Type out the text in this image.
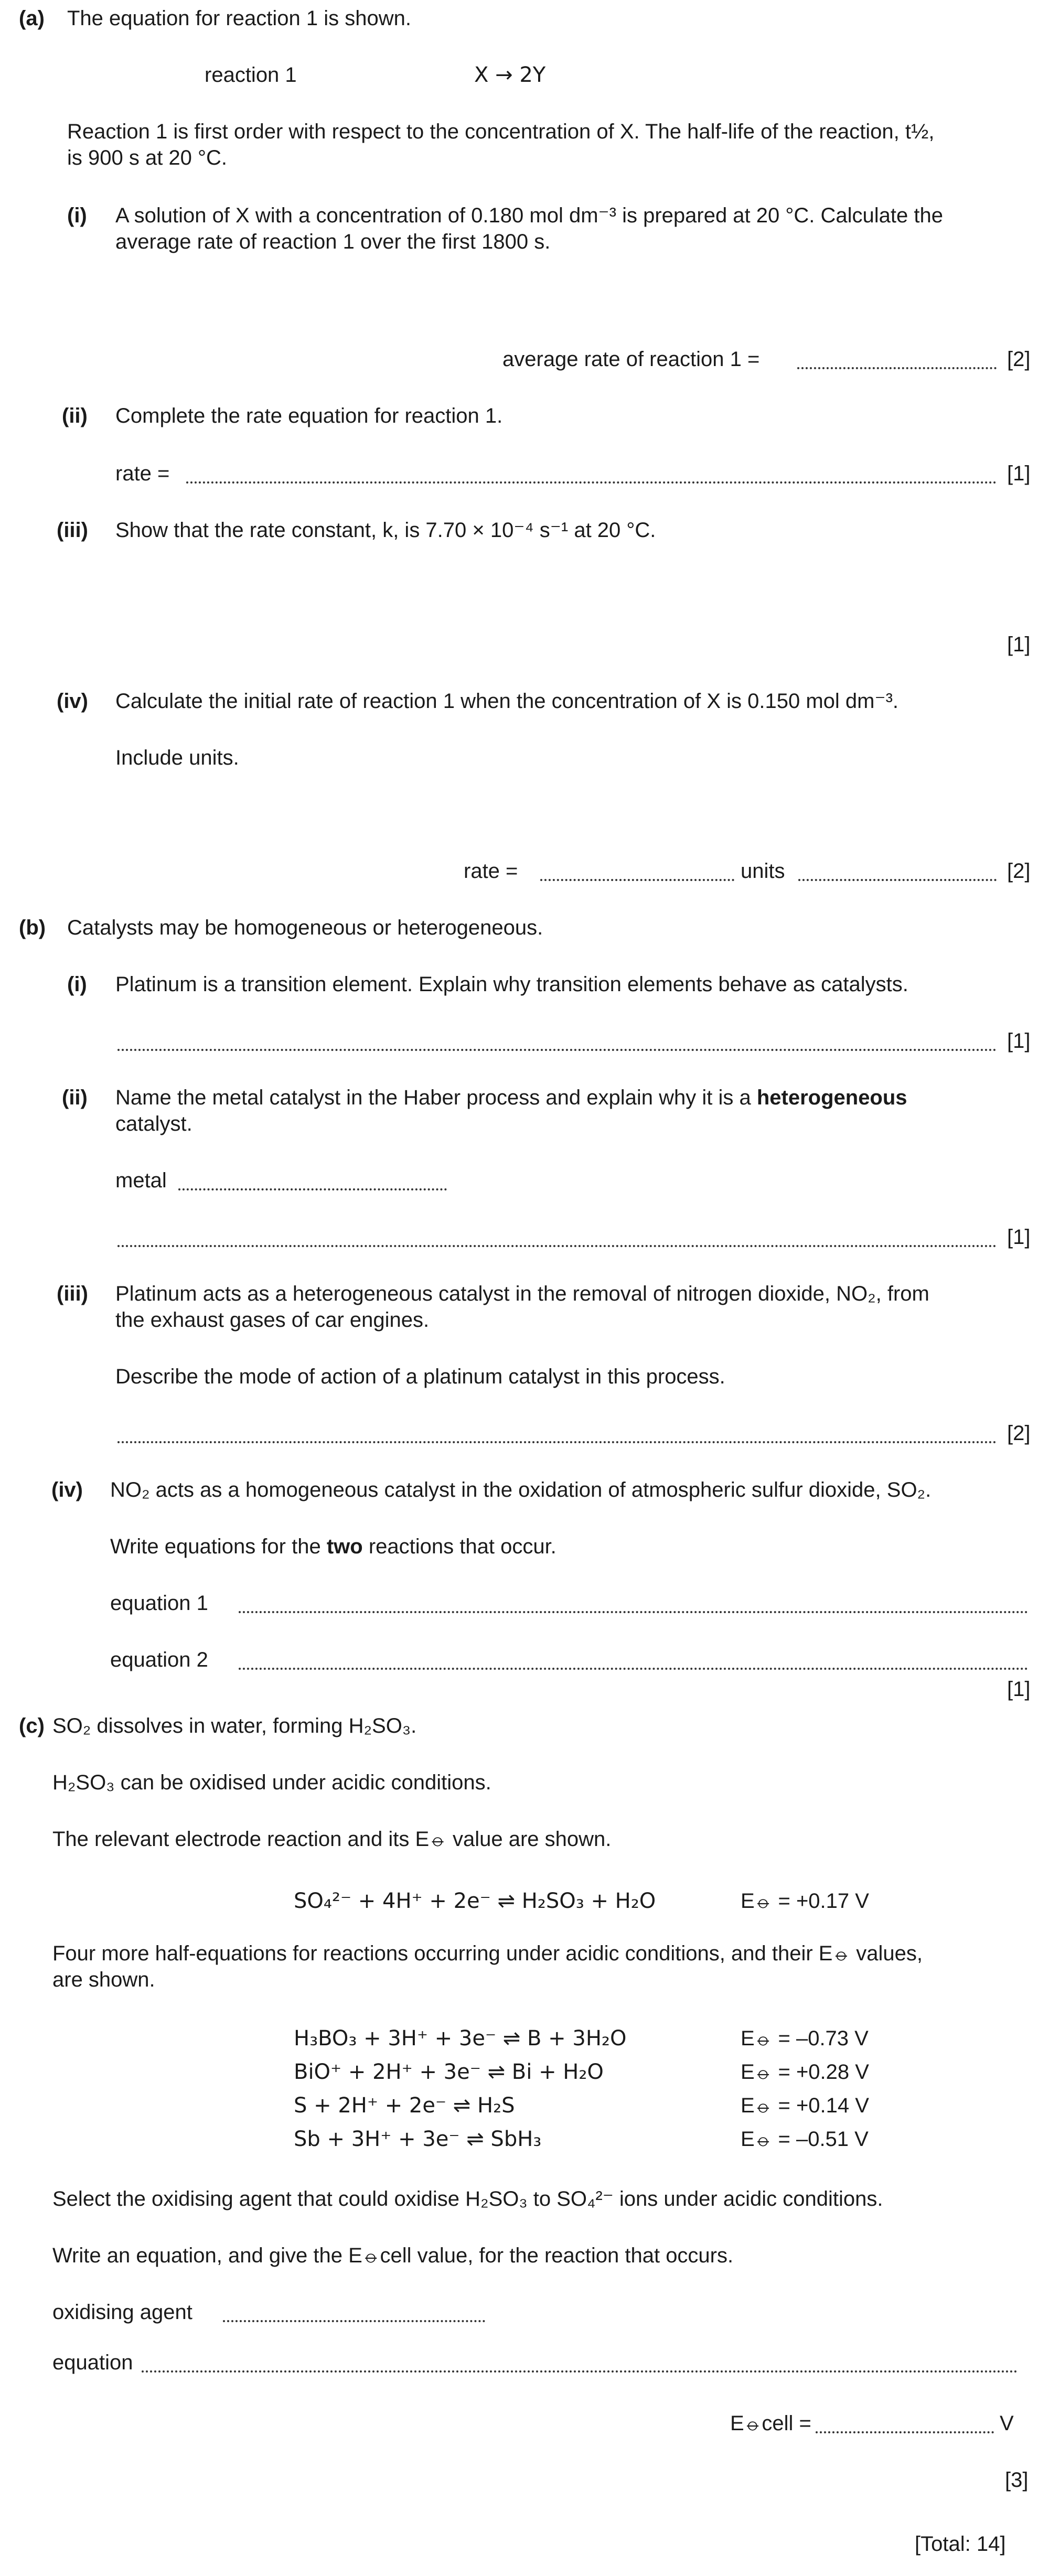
(a) The equation for reaction 1 is shown.
reaction 1	X → 2Y
Reaction 1 is first order with respect to the concentration of X. The half-life of the reaction, t½,
is 900 s at 20 °C.
(i) A solution of X with a concentration of 0.180 mol dm⁻³ is prepared at 20 °C. Calculate the
average rate of reaction 1 over the first 1800 s.
average rate of reaction 1 =	[2]
(ii) Complete the rate equation for reaction 1.
rate =	[1]
(iii) Show that the rate constant, k, is 7.70 × 10⁻⁴ s⁻¹ at 20 °C.
[1]
(iv) Calculate the initial rate of reaction 1 when the concentration of X is 0.150 mol dm⁻³.
Include units.
rate =	units	[2]
(b) Catalysts may be homogeneous or heterogeneous.
(i) Platinum is a transition element. Explain why transition elements behave as catalysts.
[1]
(ii) Name the metal catalyst in the Haber process and explain why it is a heterogeneous
catalyst.
metal
[1]
(iii) Platinum acts as a heterogeneous catalyst in the removal of nitrogen dioxide, NO₂, from
the exhaust gases of car engines.
Describe the mode of action of a platinum catalyst in this process.
[2]
(iv) NO₂ acts as a homogeneous catalyst in the oxidation of atmospheric sulfur dioxide, SO₂.
Write equations for the two reactions that occur.
equation 1
equation 2
[1]
(c) SO₂ dissolves in water, forming H₂SO₃.
H₂SO₃ can be oxidised under acidic conditions.
The relevant electrode reaction and its E⦵ value are shown.
SO₄²⁻ + 4H⁺ + 2e⁻ ⇌ H₂SO₃ + H₂O	E⦵ = +0.17 V
Four more half-equations for reactions occurring under acidic conditions, and their E⦵ values,
are shown.
H₃BO₃ + 3H⁺ + 3e⁻ ⇌ B + 3H₂O	E⦵ = –0.73 V
BiO⁺ + 2H⁺ + 3e⁻ ⇌ Bi + H₂O	E⦵ = +0.28 V
S + 2H⁺ + 2e⁻ ⇌ H₂S	E⦵ = +0.14 V
Sb + 3H⁺ + 3e⁻ ⇌ SbH₃	E⦵ = –0.51 V
Select the oxidising agent that could oxidise H₂SO₃ to SO₄²⁻ ions under acidic conditions.
Write an equation, and give the E⦵cell value, for the reaction that occurs.
oxidising agent
equation
E⦵cell =	V
[3]
[Total: 14]
